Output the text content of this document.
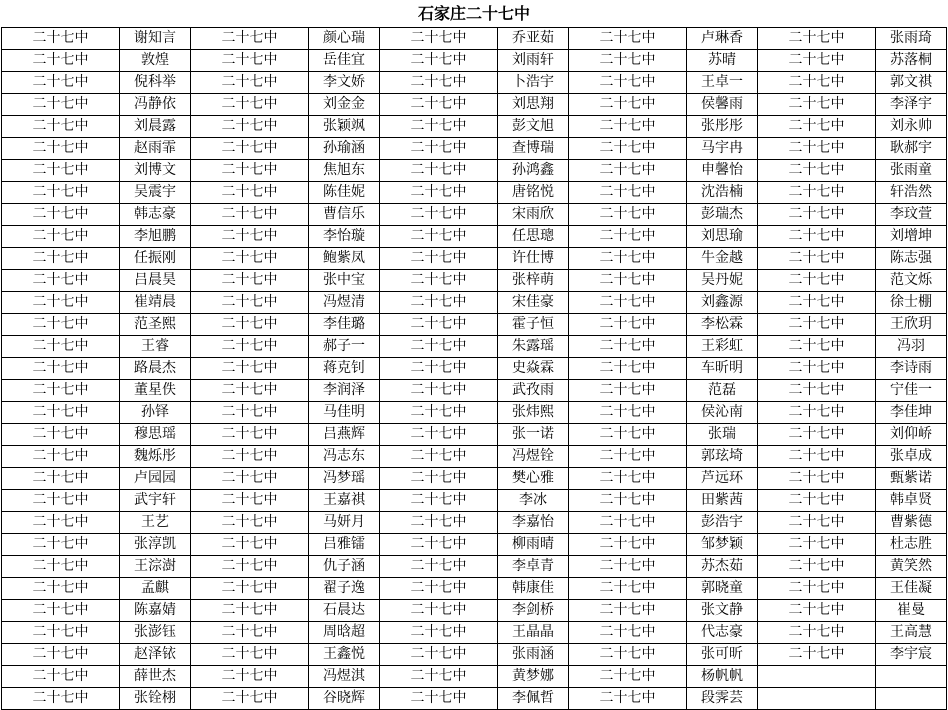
石家庄二十七中
二十七中	谢知言	二十七中	颜心瑞	二十七中	乔亚茹	二十七中	卢琳香	二十七中	张雨琦
二十七中	敦煌	二十七中	岳佳宜	二十七中	刘雨轩	二十七中	苏晴	二十七中	苏落桐
二十七中	倪科举	二十七中	李文娇	二十七中	卜浩宇	二十七中	王卓一	二十七中	郭文祺
二十七中	冯静依	二十七中	刘金金	二十七中	刘思翔	二十七中	侯馨雨	二十七中	李泽宇
二十七中	刘晨露	二十七中	张颖飒	二十七中	彭文旭	二十七中	张彤彤	二十七中	刘永帅
二十七中	赵雨霏	二十七中	孙瑜涵	二十七中	查博瑞	二十七中	马宇冉	二十七中	耿郝宇
二十七中	刘博文	二十七中	焦旭东	二十七中	孙鸿鑫	二十七中	申馨怡	二十七中	张雨童
二十七中	吴震宇	二十七中	陈佳妮	二十七中	唐铭悦	二十七中	沈浩楠	二十七中	轩浩然
二十七中	韩志豪	二十七中	曹信乐	二十七中	宋雨欣	二十七中	彭瑞杰	二十七中	李玟萱
二十七中	李旭鹏	二十七中	李怡璇	二十七中	任思璁	二十七中	刘思瑜	二十七中	刘增坤
二十七中	任振刚	二十七中	鲍紫凤	二十七中	许仕博	二十七中	牛金越	二十七中	陈志强
二十七中	吕晨昊	二十七中	张中宝	二十七中	张梓萌	二十七中	吴丹妮	二十七中	范文烁
二十七中	崔靖晨	二十七中	冯煜清	二十七中	宋佳豪	二十七中	刘鑫源	二十七中	徐士棚
二十七中	范圣熙	二十七中	李佳璐	二十七中	霍子恒	二十七中	李松霖	二十七中	王欣玥
二十七中	王睿	二十七中	郝子一	二十七中	朱露瑶	二十七中	王彩虹	二十七中	冯羽
二十七中	路晨杰	二十七中	蒋克钊	二十七中	史焱霖	二十七中	车昕明	二十七中	李诗雨
二十七中	董星佚	二十七中	李润泽	二十七中	武孜雨	二十七中	范磊	二十七中	宁佳一
二十七中	孙铎	二十七中	马佳明	二十七中	张炜熙	二十七中	侯沁南	二十七中	李佳坤
二十七中	穆思瑶	二十七中	吕燕辉	二十七中	张一诺	二十七中	张瑞	二十七中	刘仰峤
二十七中	魏烁彤	二十七中	冯志东	二十七中	冯煜铨	二十七中	郭玹埼	二十七中	张卓成
二十七中	卢园园	二十七中	冯梦瑶	二十七中	樊心雅	二十七中	芦远环	二十七中	甄紫诺
二十七中	武宇轩	二十七中	王嘉祺	二十七中	李冰	二十七中	田紫茜	二十七中	韩卓贤
二十七中	王艺	二十七中	马妍月	二十七中	李嘉怡	二十七中	彭浩宇	二十七中	曹紫德
二十七中	张淳凯	二十七中	吕雅镭	二十七中	柳雨晴	二十七中	邹梦颖	二十七中	杜志胜
二十七中	王淙澍	二十七中	仇子涵	二十七中	李卓青	二十七中	苏杰茹	二十七中	黄笑然
二十七中	孟麒	二十七中	翟子逸	二十七中	韩康佳	二十七中	郭晓童	二十七中	王佳凝
二十七中	陈嘉婧	二十七中	石晨达	二十七中	李剑桥	二十七中	张文静	二十七中	崔曼
二十七中	张澎钰	二十七中	周晗超	二十七中	王晶晶	二十七中	代志豪	二十七中	王高慧
二十七中	赵泽铱	二十七中	王鑫悦	二十七中	张雨涵	二十七中	张可昕	二十七中	李宇宸
二十七中	薛世杰	二十七中	冯煜淇	二十七中	黄梦娜	二十七中	杨帆帆		
二十七中	张铨栩	二十七中	谷晓辉	二十七中	李佩哲	二十七中	段霁芸		
